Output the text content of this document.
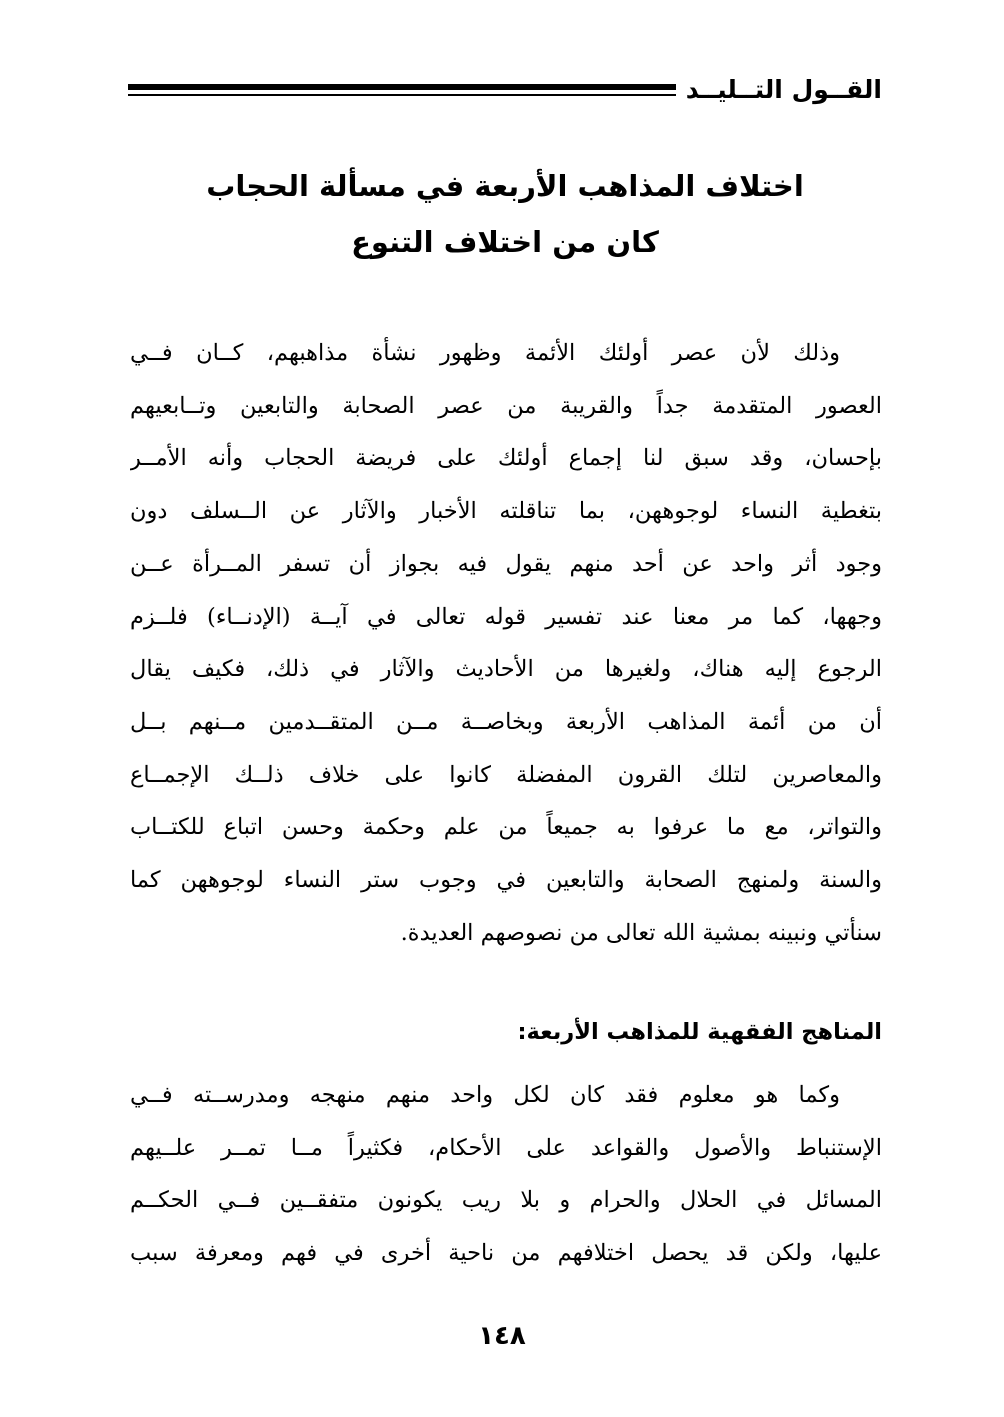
القــول التــليــد
اختلاف المذاهب الأربعة في مسألة الحجاب
كان من اختلاف التنوع
وذلك لأن عصر أولئك الأئمة وظهور نشأة مذاهبهم، كــان فــي
العصور المتقدمة جداً والقريبة من عصر الصحابة والتابعين وتــابعيهم
بإحسان، وقد سبق لنا إجماع أولئك على فريضة الحجاب وأنه الأمــر
بتغطية النساء لوجوههن، بما تناقلته الأخبار والآثار عن الــسلف دون
وجود أثر واحد عن أحد منهم يقول فيه بجواز أن تسفر المــرأة عــن
وجهها، كما مر معنا عند تفسير قوله تعالى في آيــة (الإدنــاء) فلــزم
الرجوع إليه هناك، ولغيرها من الأحاديث والآثار في ذلك، فكيف يقال
أن من أئمة المذاهب الأربعة وبخاصــة مــن المتقــدمين مــنهم بــل
والمعاصرين لتلك القرون المفضلة كانوا على خلاف ذلــك الإجمــاع
والتواتر، مع ما عرفوا به جميعاً من علم وحكمة وحسن اتباع للكتــاب
والسنة ولمنهج الصحابة والتابعين في وجوب ستر النساء لوجوههن كما
سنأتي ونبينه بمشية الله تعالى من نصوصهم العديدة.
المناهج الفقهية للمذاهب الأربعة:
وكما هو معلوم فقد كان لكل واحد منهم منهجه ومدرســته فــي
الإستنباط والأصول والقواعد على الأحكام، فكثيراً مــا تمــر علــيهم
المسائل في الحلال والحرام و بلا ريب يكونون متفقــين فــي الحكــم
عليها، ولكن قد يحصل اختلافهم من ناحية أخرى في فهم ومعرفة سبب
١٤٨
